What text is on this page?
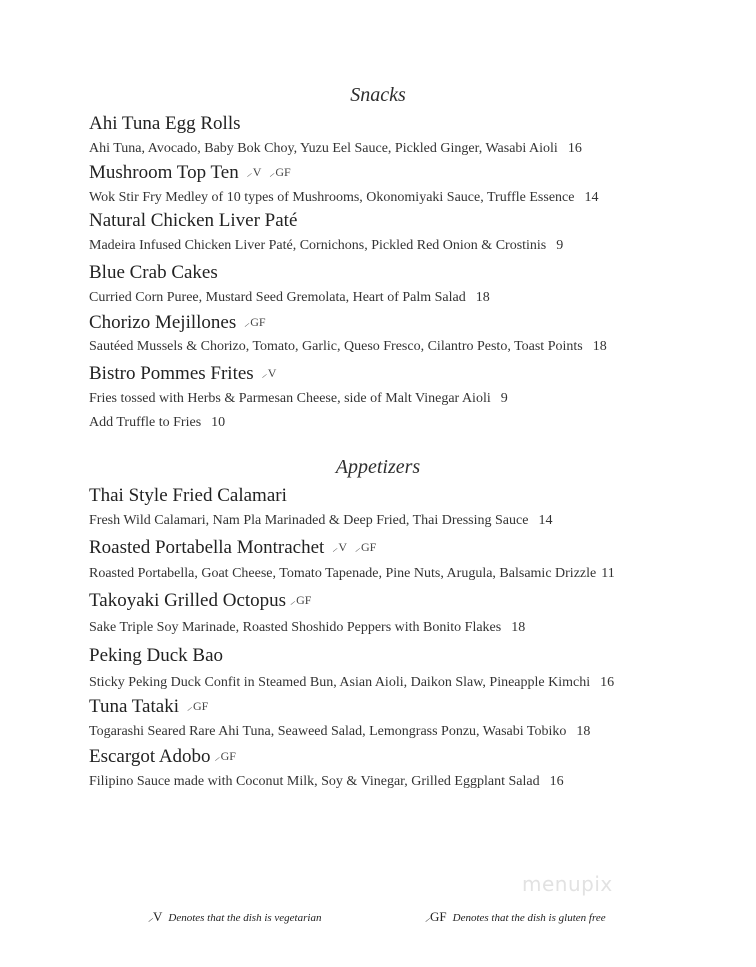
Snacks
Ahi Tuna Egg Rolls
Ahi Tuna, Avocado, Baby Bok Choy, Yuzu Eel Sauce, Pickled Ginger, Wasabi Aioli 16
Mushroom Top Ten ⸝V ⸝GF
Wok Stir Fry Medley of 10 types of Mushrooms, Okonomiyaki Sauce, Truffle Essence 14
Natural Chicken Liver Paté
Madeira Infused Chicken Liver Paté, Cornichons, Pickled Red Onion & Crostinis 9
Blue Crab Cakes
Curried Corn Puree, Mustard Seed Gremolata, Heart of Palm Salad 18
Chorizo Mejillones ⸝GF
Sautéed Mussels & Chorizo, Tomato, Garlic, Queso Fresco, Cilantro Pesto, Toast Points 18
Bistro Pommes Frites ⸝V
Fries tossed with Herbs & Parmesan Cheese, side of Malt Vinegar Aioli 9
Add Truffle to Fries 10
Appetizers
Thai Style Fried Calamari
Fresh Wild Calamari, Nam Pla Marinaded & Deep Fried, Thai Dressing Sauce 14
Roasted Portabella Montrachet ⸝V ⸝GF
Roasted Portabella, Goat Cheese, Tomato Tapenade, Pine Nuts, Arugula, Balsamic Drizzle 11
Takoyaki Grilled Octopus ⸝GF
Sake Triple Soy Marinade, Roasted Shoshido Peppers with Bonito Flakes 18
Peking Duck Bao
Sticky Peking Duck Confit in Steamed Bun, Asian Aioli, Daikon Slaw, Pineapple Kimchi 16
Tuna Tataki ⸝GF
Togarashi Seared Rare Ahi Tuna, Seaweed Salad, Lemongrass Ponzu, Wasabi Tobiko 18
Escargot Adobo ⸝GF
Filipino Sauce made with Coconut Milk, Soy & Vinegar, Grilled Eggplant Salad 16
menupix
⸝V Denotes that the dish is vegetarian	⸝GF Denotes that the dish is gluten free
